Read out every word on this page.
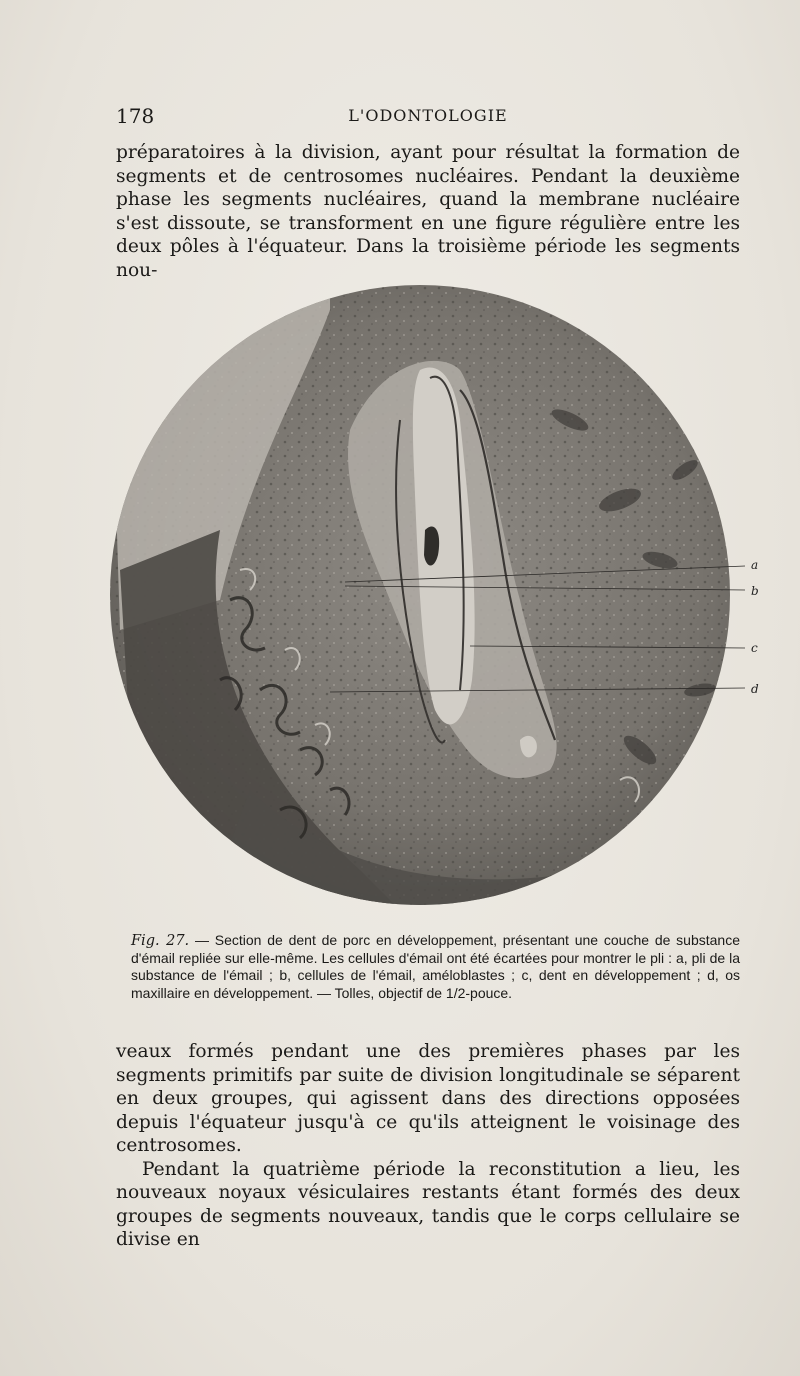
178	L'ODONTOLOGIE

préparatoires à la division, ayant pour résultat la formation de segments et de centrosomes nucléaires. Pendant la deuxième phase les segments nucléaires, quand la membrane nucléaire s'est dissoute, se transforment en une figure régulière entre les deux pôles à l'équateur. Dans la troisième période les segments nou-

a
b
c
d
Fig. 27. — Section de dent de porc en développement, présentant une couche de substance d'émail repliée sur elle-même. Les cellules d'émail ont été écartées pour montrer le pli : a, pli de la substance de l'émail ; b, cellules de l'émail, améloblastes ; c, dent en développement ; d, os maxillaire en développement. — Tolles, objectif de 1/2-pouce.

veaux formés pendant une des premières phases par les segments primitifs par suite de division longitudinale se séparent en deux groupes, qui agissent dans des directions opposées depuis l'équateur jusqu'à ce qu'ils atteignent le voisinage des centrosomes.

Pendant la quatrième période la reconstitution a lieu, les nouveaux noyaux vésiculaires restants étant formés des deux groupes de segments nouveaux, tandis que le corps cellulaire se divise en
